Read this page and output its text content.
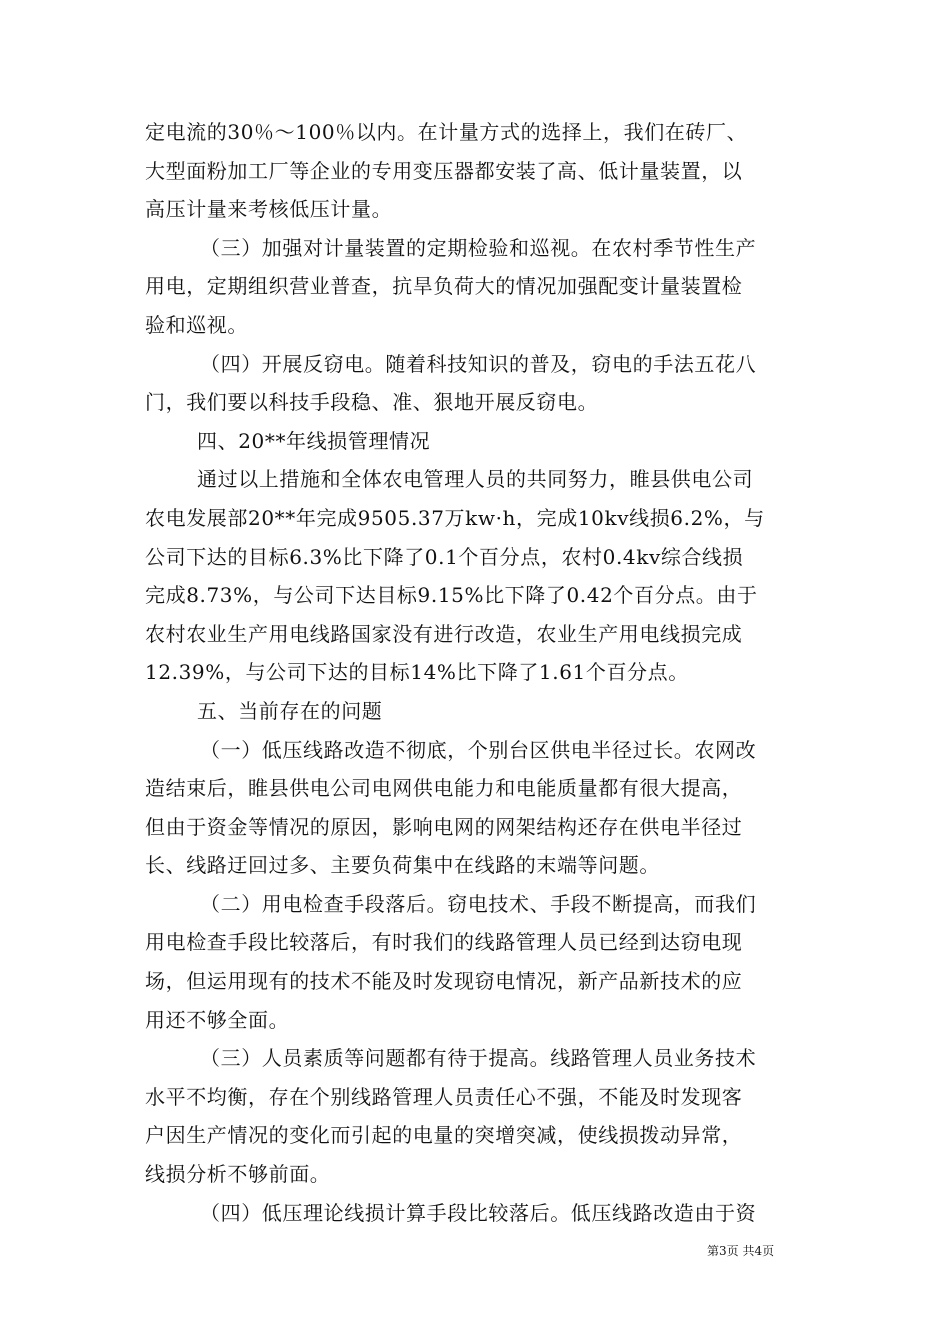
定电流的30％～100％以内。在计量方式的选择上，我们在砖厂、
大型面粉加工厂等企业的专用变压器都安装了高、低计量装置，以
高压计量来考核低压计量。
（三）加强对计量装置的定期检验和巡视。在农村季节性生产
用电，定期组织营业普查，抗旱负荷大的情况加强配变计量装置检
验和巡视。
（四）开展反窃电。随着科技知识的普及，窃电的手法五花八
门，我们要以科技手段稳、准、狠地开展反窃电。
四、20**年线损管理情况
通过以上措施和全体农电管理人员的共同努力，睢县供电公司
农电发展部20**年完成9505.37万kw·h，完成10kv线损6.2%，与
公司下达的目标6.3%比下降了0.1个百分点，农村0.4kv综合线损
完成8.73%，与公司下达目标9.15%比下降了0.42个百分点。由于
农村农业生产用电线路国家没有进行改造，农业生产用电线损完成
12.39%，与公司下达的目标14%比下降了1.61个百分点。
五、当前存在的问题
（一）低压线路改造不彻底，个别台区供电半径过长。农网改
造结束后，睢县供电公司电网供电能力和电能质量都有很大提高，
但由于资金等情况的原因，影响电网的网架结构还存在供电半径过
长、线路迂回过多、主要负荷集中在线路的末端等问题。
（二）用电检查手段落后。窃电技术、手段不断提高，而我们
用电检查手段比较落后，有时我们的线路管理人员已经到达窃电现
场，但运用现有的技术不能及时发现窃电情况，新产品新技术的应
用还不够全面。
（三）人员素质等问题都有待于提高。线路管理人员业务技术
水平不均衡，存在个别线路管理人员责任心不强，不能及时发现客
户因生产情况的变化而引起的电量的突增突减，使线损拨动异常，
线损分析不够前面。
（四）低压理论线损计算手段比较落后。低压线路改造由于资
第3页 共4页
